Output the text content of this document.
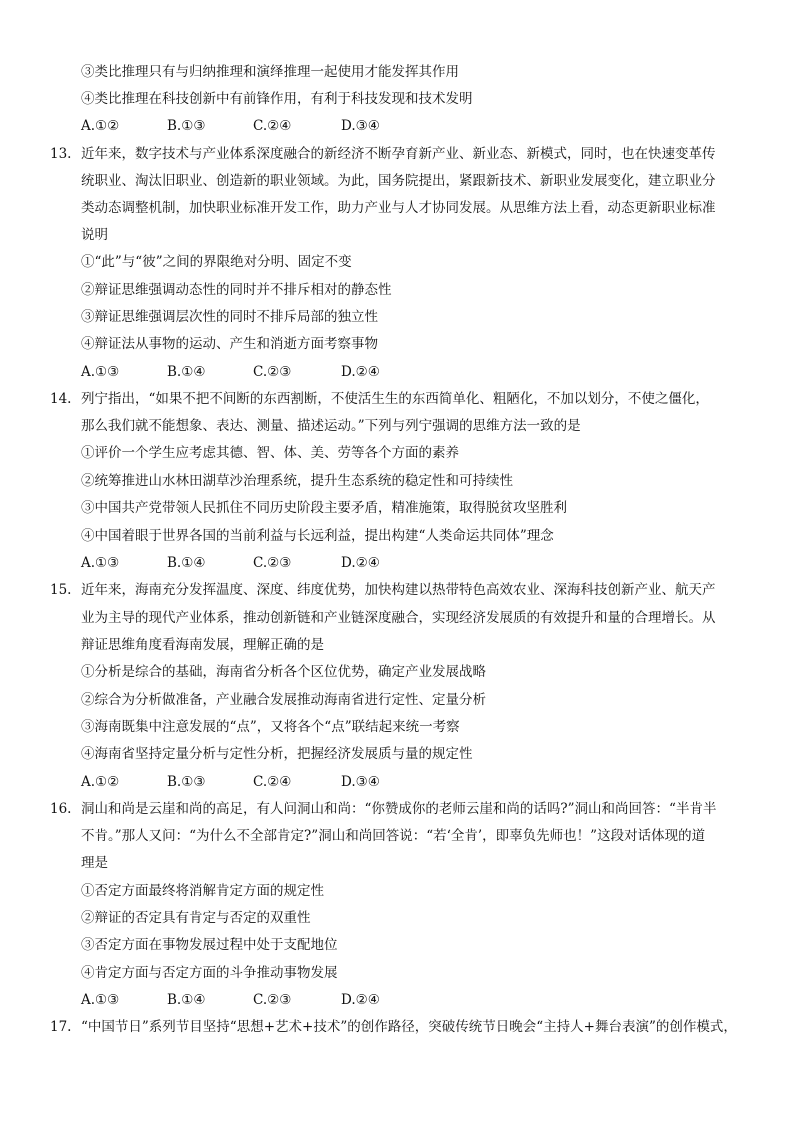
③类比推理只有与归纳推理和演绎推理一起使用才能发挥其作用
④类比推理在科技创新中有前锋作用，有利于科技发现和技术发明
A.①②	B.①③	C.②④	D.③④
13. 近年来，数字技术与产业体系深度融合的新经济不断孕育新产业、新业态、新模式，同时，也在快速变革传
统职业、淘汰旧职业、创造新的职业领域。为此，国务院提出，紧跟新技术、新职业发展变化，建立职业分
类动态调整机制，加快职业标准开发工作，助力产业与人才协同发展。从思维方法上看，动态更新职业标准
说明
①“此”与“彼”之间的界限绝对分明、固定不变
②辩证思维强调动态性的同时并不排斥相对的静态性
③辩证思维强调层次性的同时不排斥局部的独立性
④辩证法从事物的运动、产生和消逝方面考察事物
A.①③	B.①④	C.②③	D.②④
14. 列宁指出，“如果不把不间断的东西割断，不使活生生的东西简单化、粗陋化，不加以划分，不使之僵化，
那么我们就不能想象、表达、测量、描述运动。”下列与列宁强调的思维方法一致的是
①评价一个学生应考虑其德、智、体、美、劳等各个方面的素养
②统筹推进山水林田湖草沙治理系统，提升生态系统的稳定性和可持续性
③中国共产党带领人民抓住不同历史阶段主要矛盾，精准施策，取得脱贫攻坚胜利
④中国着眼于世界各国的当前利益与长远利益，提出构建“人类命运共同体”理念
A.①③	B.①④	C.②③	D.②④
15. 近年来，海南充分发挥温度、深度、纬度优势，加快构建以热带特色高效农业、深海科技创新产业、航天产
业为主导的现代产业体系，推动创新链和产业链深度融合，实现经济发展质的有效提升和量的合理增长。从
辩证思维角度看海南发展，理解正确的是
①分析是综合的基础，海南省分析各个区位优势，确定产业发展战略
②综合为分析做准备，产业融合发展推动海南省进行定性、定量分析
③海南既集中注意发展的“点”，又将各个“点”联结起来统一考察
④海南省坚持定量分析与定性分析，把握经济发展质与量的规定性
A.①②	B.①③	C.②④	D.③④
16. 洞山和尚是云崖和尚的高足，有人问洞山和尚：“你赞成你的老师云崖和尚的话吗?”洞山和尚回答：“半肯半
不肯。”那人又问：“为什么不全部肯定?”洞山和尚回答说：“若‘全肯’，即辜负先师也！”这段对话体现的道
理是
①否定方面最终将消解肯定方面的规定性
②辩证的否定具有肯定与否定的双重性
③否定方面在事物发展过程中处于支配地位
④肯定方面与否定方面的斗争推动事物发展
A.①③	B.①④	C.②③	D.②④
17. “中国节日”系列节目坚持“思想+艺术+技术”的创作路径，突破传统节日晚会“主持人+舞台表演”的创作模式，
